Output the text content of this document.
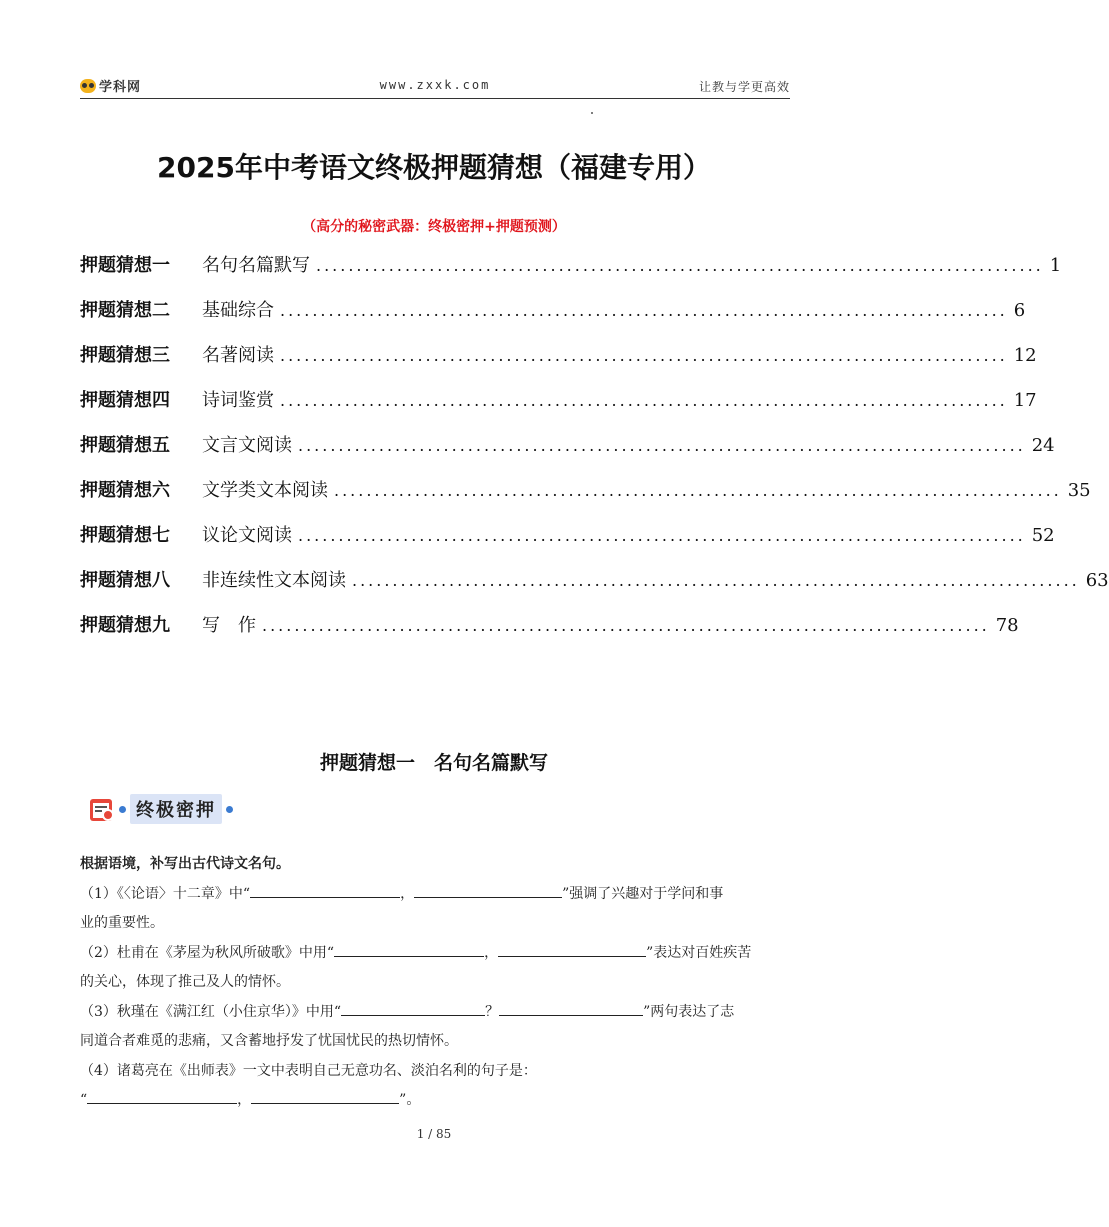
学科网	www.zxxk.com	让教与学更高效
2025年中考语文终极押题猜想（福建专用）
（高分的秘密武器：终极密押+押题预测）
押题猜想一	名句名篇默写 .......................................................................................... 1
押题猜想二	基础综合 .......................................................................................... 6
押题猜想三	名著阅读 .......................................................................................... 12
押题猜想四	诗词鉴赏 .......................................................................................... 17
押题猜想五	文言文阅读 .......................................................................................... 24
押题猜想六	文学类文本阅读 .......................................................................................... 35
押题猜想七	议论文阅读 .......................................................................................... 52
押题猜想八	非连续性文本阅读 .......................................................................................... 63
押题猜想九	写　作 .......................................................................................... 78
押题猜想一　名句名篇默写
终极密押
根据语境，补写出古代诗文名句。
（1）《〈论语〉十二章》中“	，	”强调了兴趣对于学问和事
业的重要性。
（2）杜甫在《茅屋为秋风所破歌》中用“	，	”表达对百姓疾苦
的关心，体现了推己及人的情怀。
（3）秋瑾在《满江红（小住京华）》中用“	？	”两句表达了志
同道合者难觅的悲痛，又含蓄地抒发了忧国忧民的热切情怀。
（4）诸葛亮在《出师表》一文中表明自己无意功名、淡泊名利的句子是：
“	，	”。
1 / 85
